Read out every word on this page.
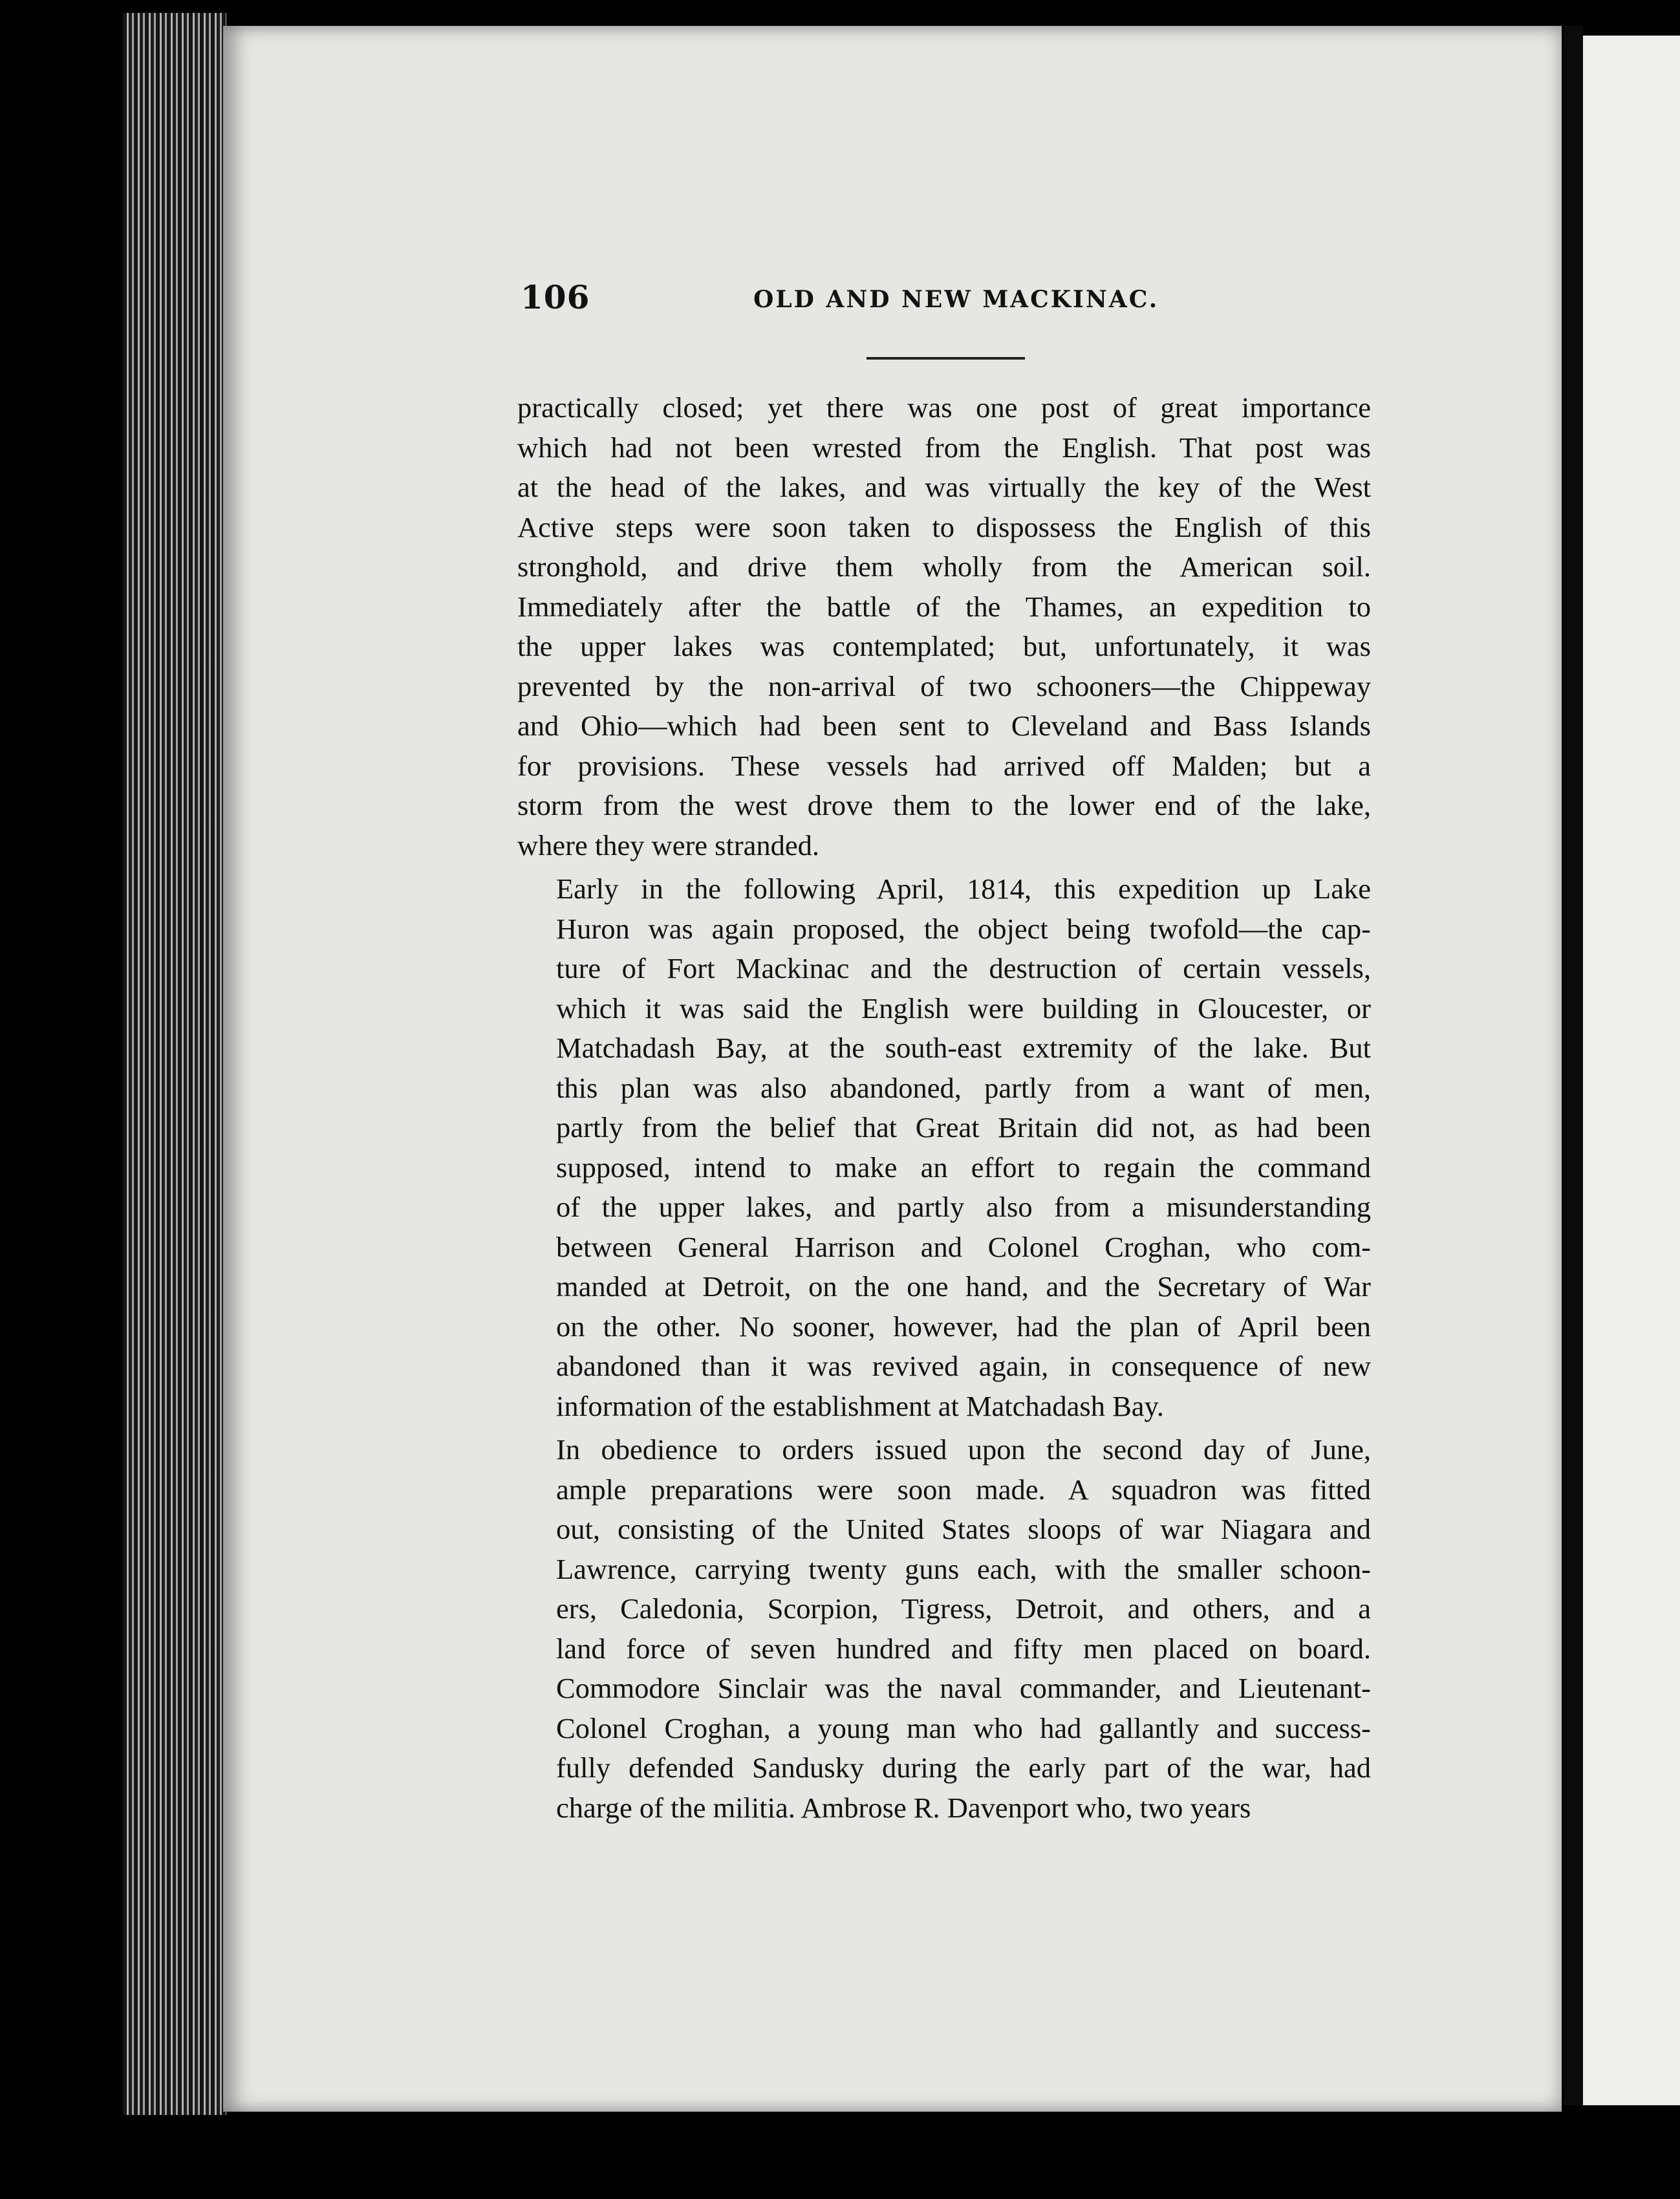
106	OLD AND NEW MACKINAC.

practically closed; yet there was one post of great importance
which had not been wrested from the English. That post was
at the head of the lakes, and was virtually the key of the West
Active steps were soon taken to dispossess the English of this
stronghold, and drive them wholly from the American soil.
Immediately after the battle of the Thames, an expedition to
the upper lakes was contemplated; but, unfortunately, it was
prevented by the non-arrival of two schooners—the Chippeway
and Ohio—which had been sent to Cleveland and Bass Islands
for provisions. These vessels had arrived off Malden; but a
storm from the west drove them to the lower end of the lake,
where they were stranded.

Early in the following April, 1814, this expedition up Lake
Huron was again proposed, the object being twofold—the cap-
ture of Fort Mackinac and the destruction of certain vessels,
which it was said the English were building in Gloucester, or
Matchadash Bay, at the south-east extremity of the lake. But
this plan was also abandoned, partly from a want of men,
partly from the belief that Great Britain did not, as had been
supposed, intend to make an effort to regain the command
of the upper lakes, and partly also from a misunderstanding
between General Harrison and Colonel Croghan, who com-
manded at Detroit, on the one hand, and the Secretary of War
on the other. No sooner, however, had the plan of April been
abandoned than it was revived again, in consequence of new
information of the establishment at Matchadash Bay.

In obedience to orders issued upon the second day of June,
ample preparations were soon made. A squadron was fitted
out, consisting of the United States sloops of war Niagara and
Lawrence, carrying twenty guns each, with the smaller schoon-
ers, Caledonia, Scorpion, Tigress, Detroit, and others, and a
land force of seven hundred and fifty men placed on board.
Commodore Sinclair was the naval commander, and Lieutenant-
Colonel Croghan, a young man who had gallantly and success-
fully defended Sandusky during the early part of the war, had
charge of the militia. Ambrose R. Davenport who, two years
